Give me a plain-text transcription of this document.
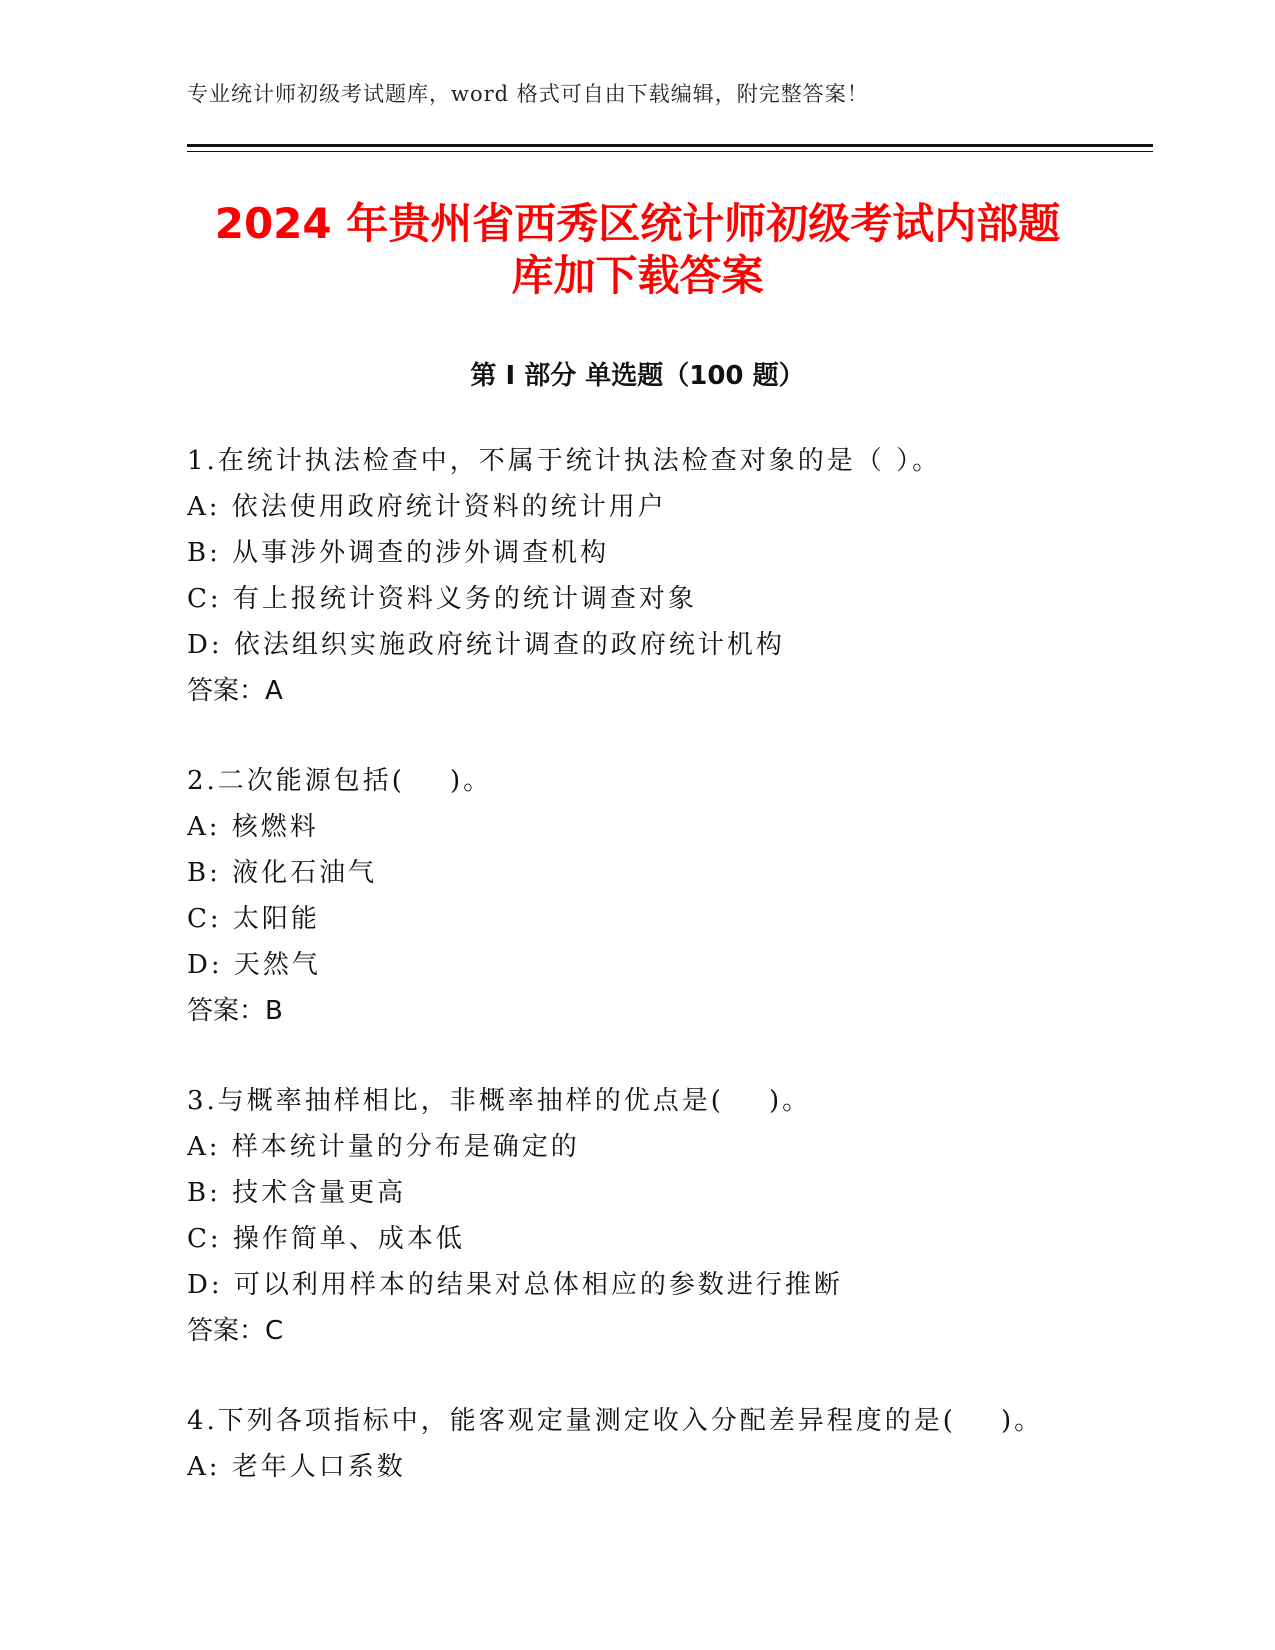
专业统计师初级考试题库，word 格式可自由下载编辑，附完整答案！
2024 年贵州省西秀区统计师初级考试内部题
库加下载答案
第 I 部分 单选题（100 题）
1.在统计执法检查中，不属于统计执法检查对象的是（ ）。
A: 依法使用政府统计资料的统计用户
B: 从事涉外调查的涉外调查机构
C: 有上报统计资料义务的统计调查对象
D: 依法组织实施政府统计调查的政府统计机构
答案：A
2.二次能源包括(    )。
A: 核燃料
B: 液化石油气
C: 太阳能
D: 天然气
答案：B
3.与概率抽样相比，非概率抽样的优点是(    )。
A: 样本统计量的分布是确定的
B: 技术含量更高
C: 操作简单、成本低
D: 可以利用样本的结果对总体相应的参数进行推断
答案：C
4.下列各项指标中，能客观定量测定收入分配差异程度的是(    )。
A: 老年人口系数
